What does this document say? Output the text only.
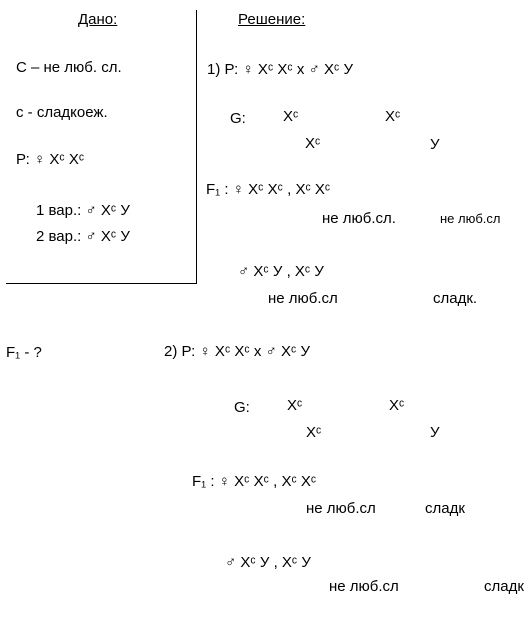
Дано:
С – не люб. сл.
с - сладкоеж.
Р: ♀ Хᶜ Хᶜ
1 вар.: ♂ Хᶜ У
2 вар.: ♂ Хᶜ У
F₁ - ?
Решение:
1) Р: ♀ Хᶜ Хᶜ х ♂ Хᶜ У
G: Хᶜ	Хᶜ
Хᶜ	У
F₁ : ♀ Хᶜ Хᶜ , Хᶜ Хᶜ
не люб.сл.	не люб.сл
♂ Хᶜ У , Хᶜ У
не люб.сл	сладк.
2) Р: ♀ Хᶜ Хᶜ х ♂ Хᶜ У
G: Хᶜ	Хᶜ
Хᶜ	У
F₁ : ♀ Хᶜ Хᶜ , Хᶜ Хᶜ
не люб.сл	сладк
♂ Хᶜ У , Хᶜ У
не люб.сл	сладк
